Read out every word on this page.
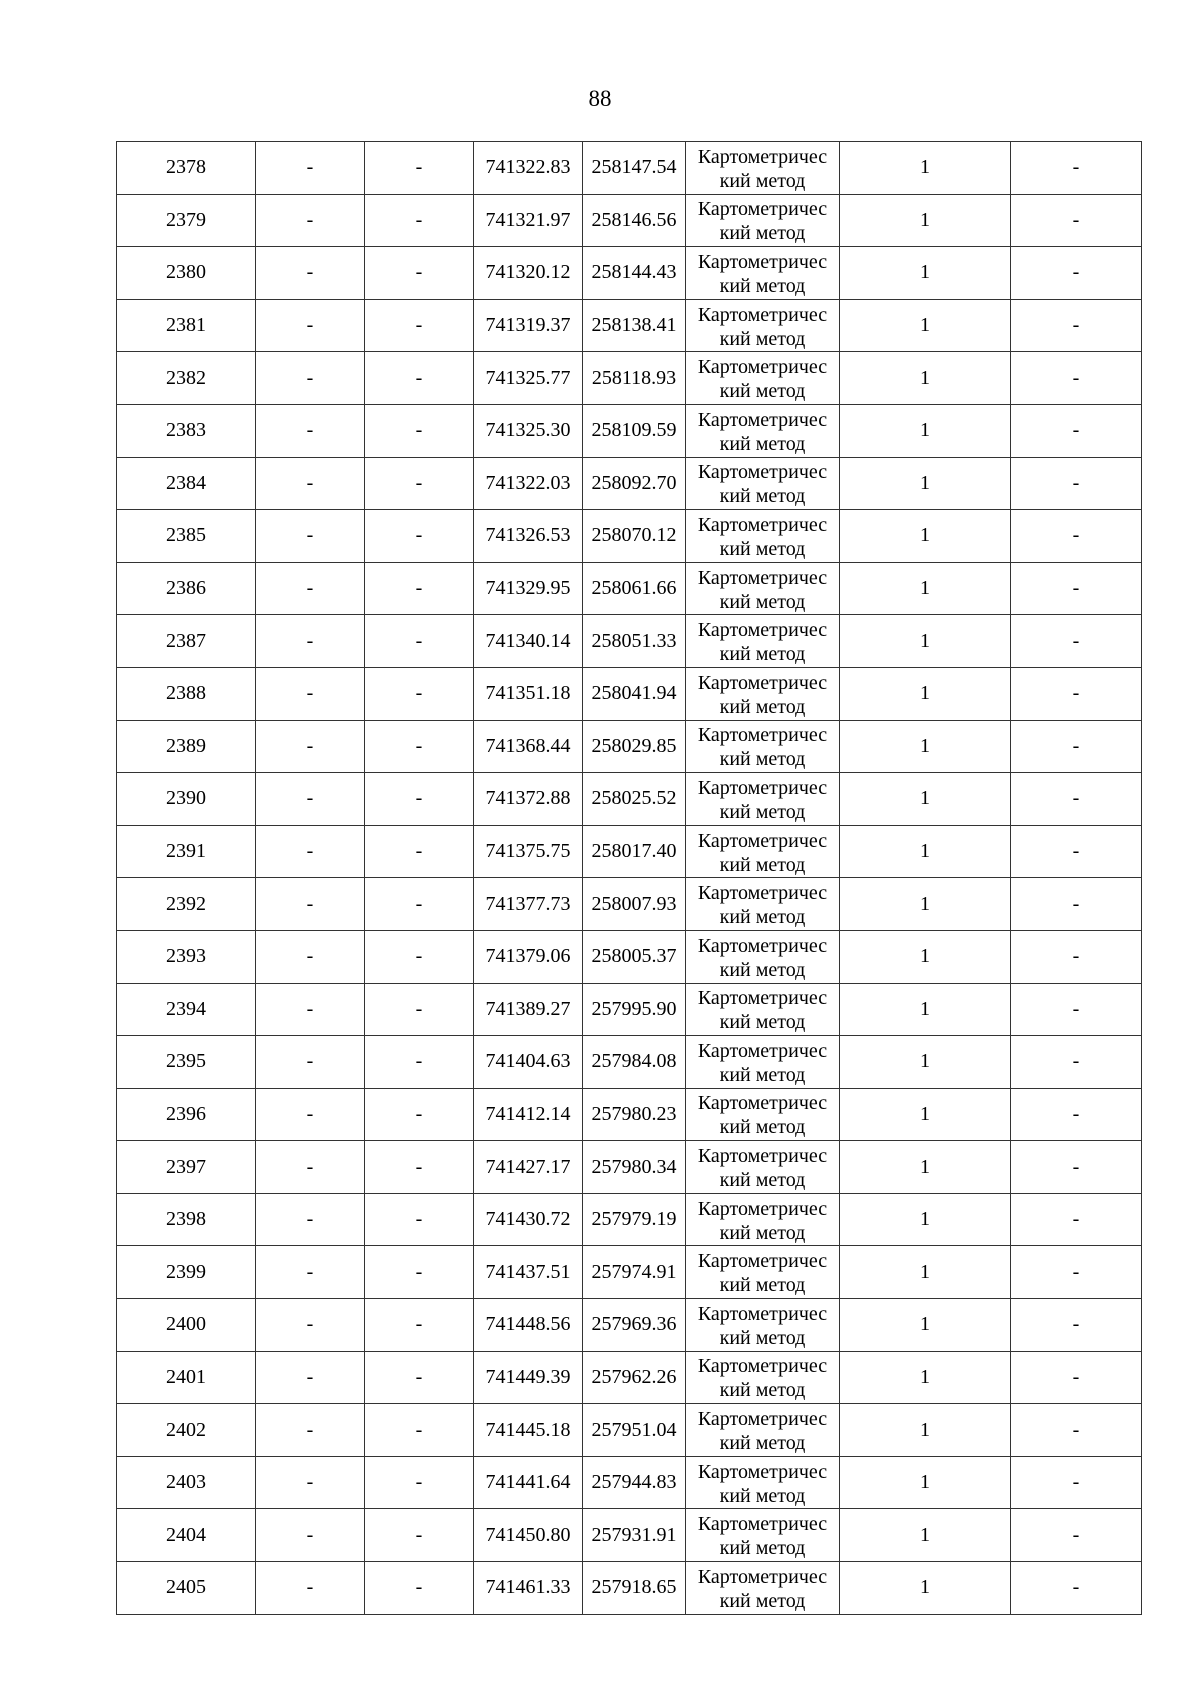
88
2378	-	-	741322.83	258147.54	Картометричес
кий метод	1	-
2379	-	-	741321.97	258146.56	Картометричес
кий метод	1	-
2380	-	-	741320.12	258144.43	Картометричес
кий метод	1	-
2381	-	-	741319.37	258138.41	Картометричес
кий метод	1	-
2382	-	-	741325.77	258118.93	Картометричес
кий метод	1	-
2383	-	-	741325.30	258109.59	Картометричес
кий метод	1	-
2384	-	-	741322.03	258092.70	Картометричес
кий метод	1	-
2385	-	-	741326.53	258070.12	Картометричес
кий метод	1	-
2386	-	-	741329.95	258061.66	Картометричес
кий метод	1	-
2387	-	-	741340.14	258051.33	Картометричес
кий метод	1	-
2388	-	-	741351.18	258041.94	Картометричес
кий метод	1	-
2389	-	-	741368.44	258029.85	Картометричес
кий метод	1	-
2390	-	-	741372.88	258025.52	Картометричес
кий метод	1	-
2391	-	-	741375.75	258017.40	Картометричес
кий метод	1	-
2392	-	-	741377.73	258007.93	Картометричес
кий метод	1	-
2393	-	-	741379.06	258005.37	Картометричес
кий метод	1	-
2394	-	-	741389.27	257995.90	Картометричес
кий метод	1	-
2395	-	-	741404.63	257984.08	Картометричес
кий метод	1	-
2396	-	-	741412.14	257980.23	Картометричес
кий метод	1	-
2397	-	-	741427.17	257980.34	Картометричес
кий метод	1	-
2398	-	-	741430.72	257979.19	Картометричес
кий метод	1	-
2399	-	-	741437.51	257974.91	Картометричес
кий метод	1	-
2400	-	-	741448.56	257969.36	Картометричес
кий метод	1	-
2401	-	-	741449.39	257962.26	Картометричес
кий метод	1	-
2402	-	-	741445.18	257951.04	Картометричес
кий метод	1	-
2403	-	-	741441.64	257944.83	Картометричес
кий метод	1	-
2404	-	-	741450.80	257931.91	Картометричес
кий метод	1	-
2405	-	-	741461.33	257918.65	Картометричес
кий метод	1	-
